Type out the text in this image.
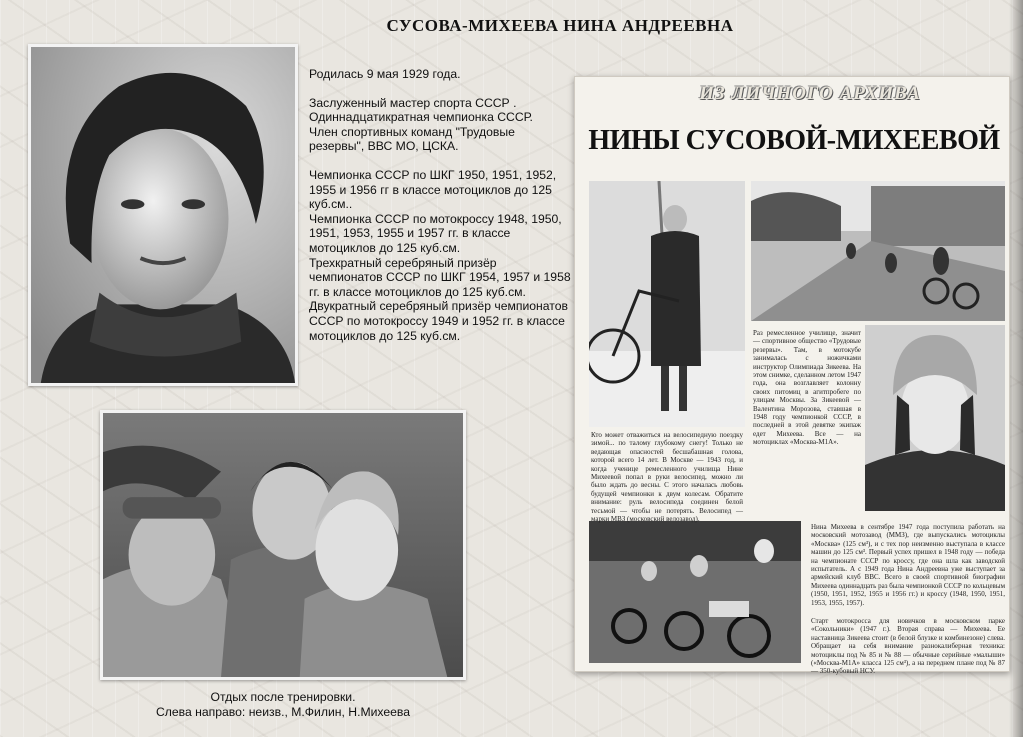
СУСОВА-МИХЕЕВА НИНА АНДРЕЕВНА

Родилась 9 мая 1929 года.

Заслуженный мастер спорта СССР . Одиннадцатикратная чемпионка СССР.

Член спортивных команд "Трудовые резервы", ВВС МО, ЦСКА.

Чемпионка СССР по ШКГ 1950, 1951, 1952, 1955 и 1956 гг в классе мотоциклов до 125 куб.см..

Чемпионка СССР по мотокроссу 1948, 1950, 1951, 1953, 1955 и 1957 гг. в классе мотоциклов до 125 куб.см.

Трехкратный серебряный призёр чемпионатов СССР по ШКГ 1954, 1957 и 1958 гг. в классе мотоциклов до 125 куб.см.

Двукратный серебряный призёр чемпионатов СССР по мотокроссу 1949 и 1952 гг. в классе мотоциклов до 125 куб.см.

Отдых после тренировки.
Слева направо: неизв., М.Филин, Н.Михеева
ИЗ ЛИЧНОГО АРХИВА
НИНЫ СУСОВОЙ-МИХЕЕВОЙ

Кто может отважиться на велосипедную поездку зимой... по талому глубокому снегу! Только не ведающая опасностей бесшабашная голова, которой всего 14 лет. В Москве — 1943 год, и когда ученице ремесленного училища Нине Михеевой попал в руки велосипед, можно ли было ждать до весны. С этого началась любовь будущей чемпионки к двум колесам. Обратите внимание: руль велосипеда соединен белой тесьмой — чтобы не потерять. Велосипед — марки МВЗ (московский велозавод).

Раз ремесленное училище, значит — спортивное общество «Трудовые резервы». Там, в мотокубе занималась с ножичками инструктор Олимпиада Зикеева. На этом снимке, сделанном летом 1947 года, она возглавляет колонну своих питомиц в агитпробеге по улицам Москвы. За Зикеевой — Валентина Морозова, ставшая в 1948 году чемпионкой СССР, в последней в этой девятке экипаж едет Михеева. Все — на мотоциклах «Москва-М1А».

Нина Михеева в сентябре 1947 года поступила работать на московский мотозавод (ММЗ), где выпускались мотоциклы «Москва» (125 см³), и с тех пор неизменно выступала в классе машин до 125 см³. Первый успех пришел в 1948 году — победа на чемпионате СССР по кроссу, где она шла как заводской испытатель. А с 1949 года Нина Андреевна уже выступает за армейский клуб ВВС. Всего в своей спортивной биографии Михеева одиннадцать раз была чемпионкой СССР по кольцевым (1950, 1951, 1952, 1955 и 1956 гг.) и кроссу (1948, 1950, 1951, 1953, 1955, 1957).

Старт мотокросса для новичков в московском парке «Сокольники» (1947 г.). Вторая справа — Михеева. Ее наставница Зикеева стоит (в белой блузке и комбинезоне) слева. Обращает на себя внимание разнокалиберная техника: мотоциклы под № 85 и № 88 — обычные серийные «малыши» («Москва-М1А» класса 125 см³), а на переднем плане под № 87 — 350-кубовый НСУ.
